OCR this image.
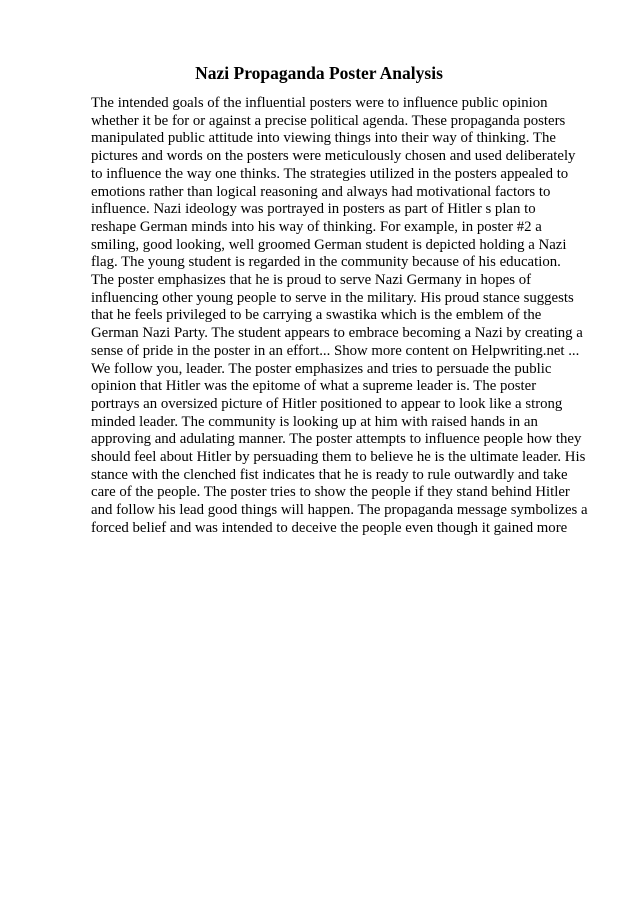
Nazi Propaganda Poster Analysis
The intended goals of the influential posters were to influence public opinion
whether it be for or against a precise political agenda. These propaganda posters
manipulated public attitude into viewing things into their way of thinking. The
pictures and words on the posters were meticulously chosen and used deliberately
to influence the way one thinks. The strategies utilized in the posters appealed to
emotions rather than logical reasoning and always had motivational factors to
influence. Nazi ideology was portrayed in posters as part of Hitler s plan to
reshape German minds into his way of thinking. For example, in poster #2 a
smiling, good looking, well groomed German student is depicted holding a Nazi
flag. The young student is regarded in the community because of his education.
The poster emphasizes that he is proud to serve Nazi Germany in hopes of
influencing other young people to serve in the military. His proud stance suggests
that he feels privileged to be carrying a swastika which is the emblem of the
German Nazi Party. The student appears to embrace becoming a Nazi by creating a
sense of pride in the poster in an effort... Show more content on Helpwriting.net ...
We follow you, leader. The poster emphasizes and tries to persuade the public
opinion that Hitler was the epitome of what a supreme leader is. The poster
portrays an oversized picture of Hitler positioned to appear to look like a strong
minded leader. The community is looking up at him with raised hands in an
approving and adulating manner. The poster attempts to influence people how they
should feel about Hitler by persuading them to believe he is the ultimate leader. His
stance with the clenched fist indicates that he is ready to rule outwardly and take
care of the people. The poster tries to show the people if they stand behind Hitler
and follow his lead good things will happen. The propaganda message symbolizes a
forced belief and was intended to deceive the people even though it gained more
